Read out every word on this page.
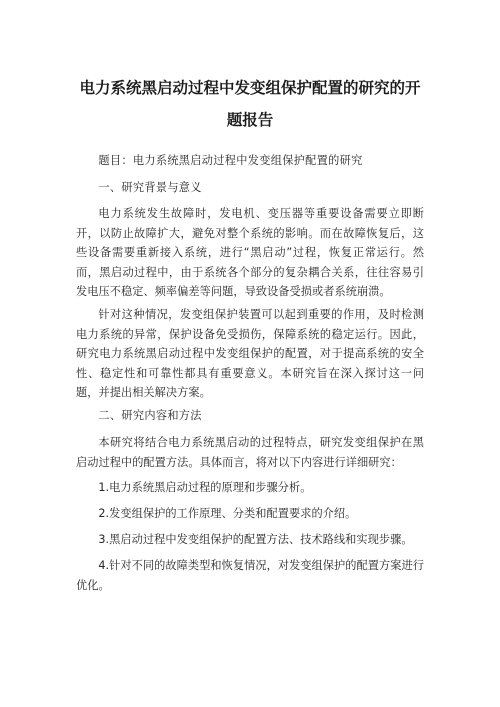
电力系统黑启动过程中发变组保护配置的研究的开
题报告
题目：电力系统黑启动过程中发变组保护配置的研究
一、研究背景与意义
电力系统发生故障时，发电机、变压器等重要设备需要立即断开，以防止故障扩大，避免对整个系统的影响。而在故障恢复后，这些设备需要重新接入系统，进行“黑启动”过程，恢复正常运行。然而，黑启动过程中，由于系统各个部分的复杂耦合关系，往往容易引发电压不稳定、频率偏差等问题，导致设备受损或者系统崩溃。
针对这种情况，发变组保护装置可以起到重要的作用，及时检测电力系统的异常，保护设备免受损伤，保障系统的稳定运行。因此，研究电力系统黑启动过程中发变组保护的配置，对于提高系统的安全性、稳定性和可靠性都具有重要意义。本研究旨在深入探讨这一问题，并提出相关解决方案。
二、研究内容和方法
本研究将结合电力系统黑启动的过程特点，研究发变组保护在黑启动过程中的配置方法。具体而言，将对以下内容进行详细研究：
1.电力系统黑启动过程的原理和步骤分析。
2.发变组保护的工作原理、分类和配置要求的介绍。
3.黑启动过程中发变组保护的配置方法、技术路线和实现步骤。
4.针对不同的故障类型和恢复情况，对发变组保护的配置方案进行优化。
